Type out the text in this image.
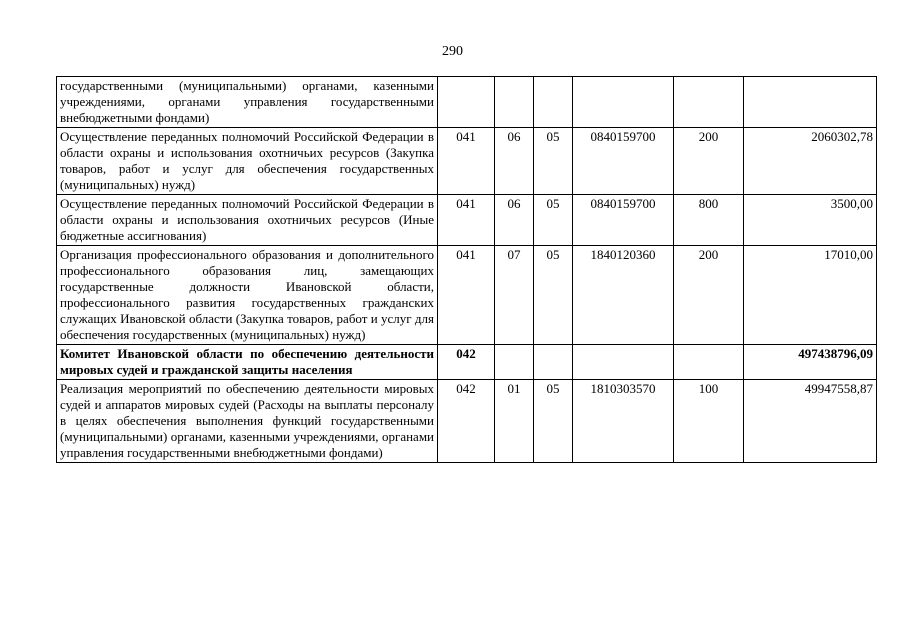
290
государственными (муниципальными) органами, казенными учреждениями, органами управления государственными внебюджетными фондами)						
Осуществление переданных полномочий Российской Федерации в области охраны и использования охотничьих ресурсов (Закупка товаров, работ и услуг для обеспечения государственных (муниципальных) нужд)	041	06	05	0840159700	200	2060302,78
Осуществление переданных полномочий Российской Федерации в области охраны и использования охотничьих ресурсов (Иные бюджетные ассигнования)	041	06	05	0840159700	800	3500,00
Организация профессионального образования и дополнительного профессионального образования лиц, замещающих государственные должности Ивановской области, профессионального развития государственных гражданских служащих Ивановской области (Закупка товаров, работ и услуг для обеспечения государственных (муниципальных) нужд)	041	07	05	1840120360	200	17010,00
Комитет Ивановской области по обеспечению деятельности мировых судей и гражданской защиты населения	042					497438796,09
Реализация мероприятий по обеспечению деятельности мировых судей и аппаратов мировых судей (Расходы на выплаты персоналу в целях обеспечения выполнения функций государственными (муниципальными) органами, казенными учреждениями, органами управления государственными внебюджетными фондами)	042	01	05	1810303570	100	49947558,87
